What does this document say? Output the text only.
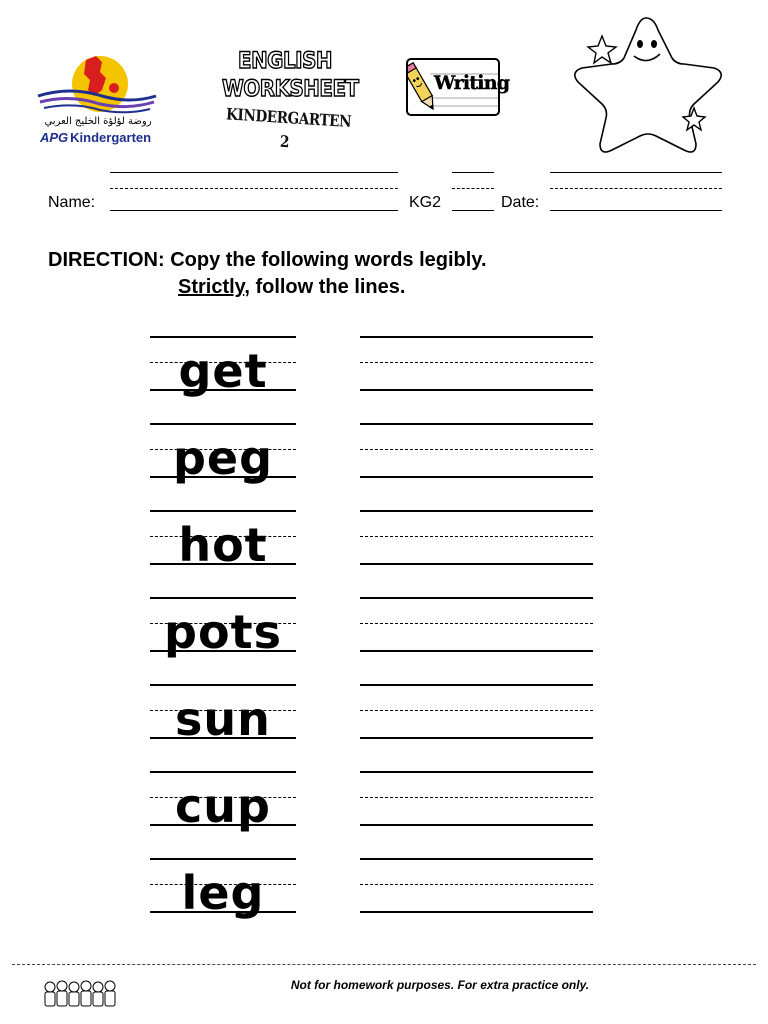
روضة لؤلؤة الخليج العربي
APG Kindergarten
ENGLISH
WORKSHEET
KINDERGARTEN 2
Writing
Name:	KG2	Date:
DIRECTION: Copy the following words legibly.
Strictly, follow the lines.
get
peg
hot
pots
sun
cup
leg
Not for homework purposes. For extra practice only.
